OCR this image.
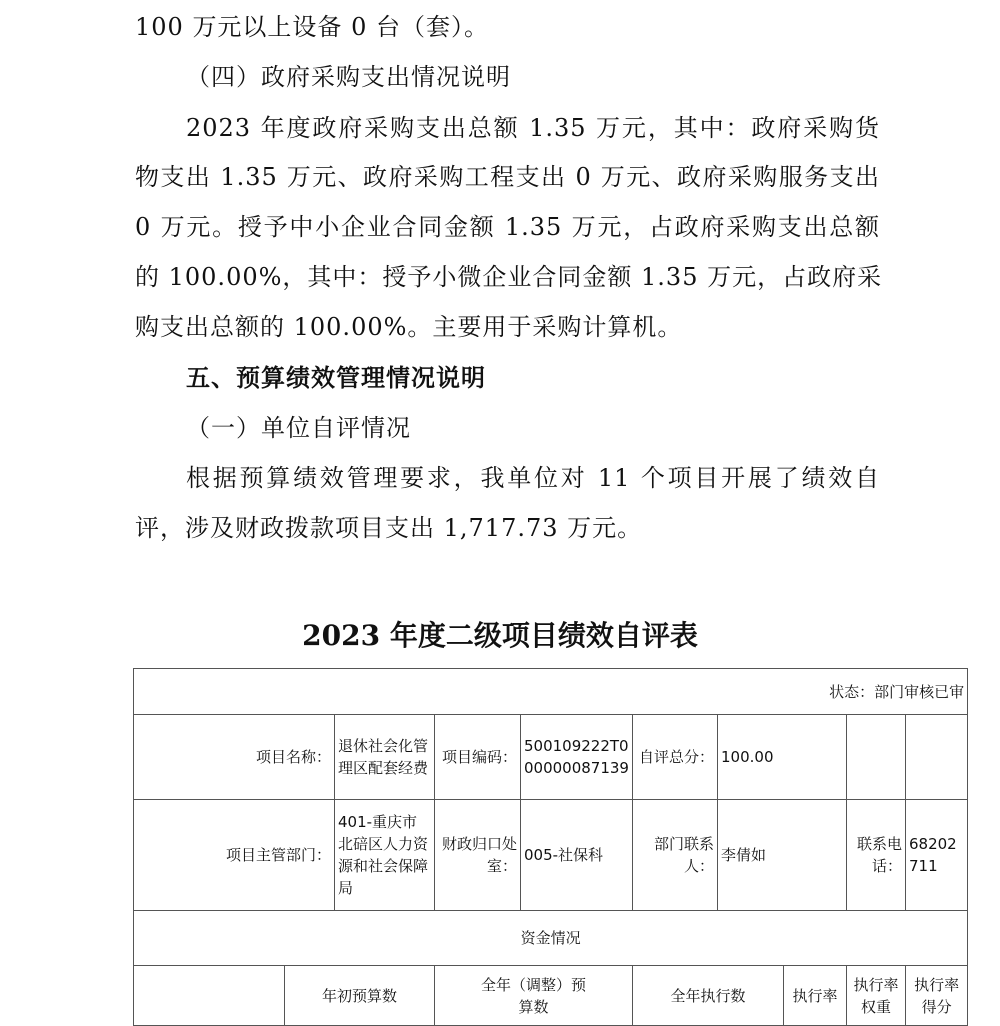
100 万元以上设备 0 台（套）。
（四）政府采购支出情况说明
2023 年度政府采购支出总额 1.35 万元，其中：政府采购货
物支出 1.35 万元、政府采购工程支出 0 万元、政府采购服务支出
0 万元。授予中小企业合同金额 1.35 万元，占政府采购支出总额
的 100.00%，其中：授予小微企业合同金额 1.35 万元，占政府采
购支出总额的 100.00%。主要用于采购计算机。
五、预算绩效管理情况说明
（一）单位自评情况
根据预算绩效管理要求，我单位对 11 个项目开展了绩效自
评，涉及财政拨款项目支出 1,717.73 万元。
2023 年度二级项目绩效自评表
状态：部门审核已审									
项目名称：		退休社会化管理区配套经费	项目编码：	500109222T000000087139	自评总分：	100.00			
项目主管部门：		401-重庆市北碚区人力资源和社会保障局	财政归口处室：	005-社保科	部门联系人：	李倩如		联系电话：	68202711
资金情况									
	年初预算数		全年（调整）预算数		全年执行数		执行率	执行率权重	执行率得分
